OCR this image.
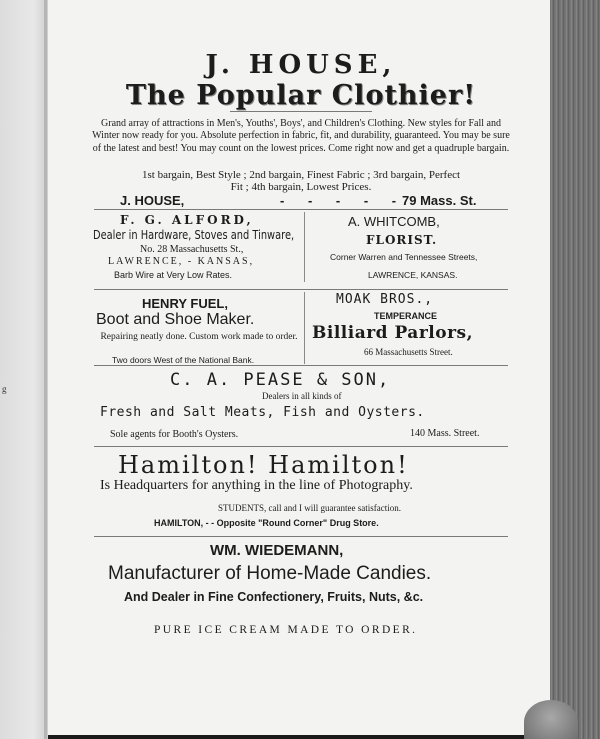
g
J. HOUSE,
The Popular Clothier!
Grand array of attractions in Men's, Youths', Boys', and Children's Clothing. New styles for Fall and Winter now ready for you. Absolute perfection in fabric, fit, and durability, guaranteed. You may be sure of the latest and best! You may count on the lowest prices. Come right now and get a quadruple bargain.
1st bargain, Best Style ; 2nd bargain, Finest Fabric ; 3rd bargain, Perfect
Fit ; 4th bargain, Lowest Prices.
J. HOUSE,	- - - - -
79 Mass. St.
F. G. ALFORD,
Dealer in Hardware, Stoves and Tinware,
No. 28 Massachusetts St.,
LAWRENCE, - KANSAS,
Barb Wire at Very Low Rates.
A. WHITCOMB,
FLORIST.
Corner Warren and Tennessee Streets,
LAWRENCE, KANSAS.
HENRY FUEL,
Boot and Shoe Maker.
Repairing neatly done. Custom work made to order.
Two doors West of the National Bank.
MOAK BROS.,
TEMPERANCE
Billiard Parlors,
66 Massachusetts Street.
C. A. PEASE & SON,
Dealers in all kinds of
Fresh and Salt Meats, Fish and Oysters.
Sole agents for Booth's Oysters.	140 Mass. Street.
Hamilton! Hamilton!
Is Headquarters for anything in the line of Photography.
STUDENTS, call and I will guarantee satisfaction.
HAMILTON, - - Opposite "Round Corner" Drug Store.
WM. WIEDEMANN,
Manufacturer of Home-Made Candies.
And Dealer in Fine Confectionery, Fruits, Nuts, &c.
PURE ICE CREAM MADE TO ORDER.
